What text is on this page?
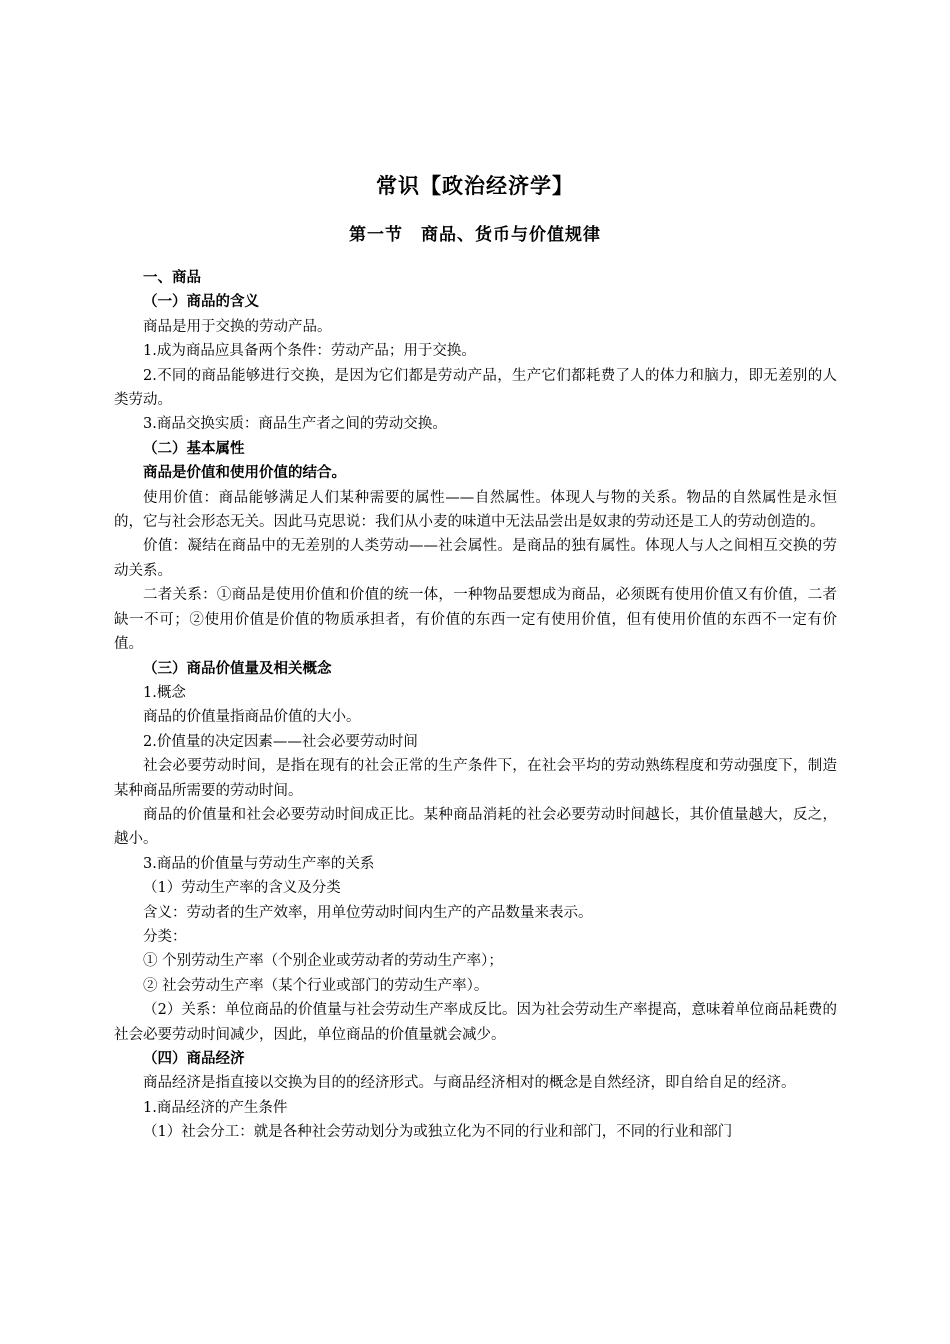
常识【政治经济学】
第一节　商品、货币与价值规律

一、商品

（一）商品的含义

商品是用于交换的劳动产品。

1.成为商品应具备两个条件：劳动产品；用于交换。

2.不同的商品能够进行交换，是因为它们都是劳动产品，生产它们都耗费了人的体力和脑力，即无差别的人类劳动。

3.商品交换实质：商品生产者之间的劳动交换。

（二）基本属性

商品是价值和使用价值的结合。

使用价值：商品能够满足人们某种需要的属性——自然属性。体现人与物的关系。物品的自然属性是永恒的，它与社会形态无关。因此马克思说：我们从小麦的味道中无法品尝出是奴隶的劳动还是工人的劳动创造的。

价值：凝结在商品中的无差别的人类劳动——社会属性。是商品的独有属性。体现人与人之间相互交换的劳动关系。

二者关系：①商品是使用价值和价值的统一体，一种物品要想成为商品，必须既有使用价值又有价值，二者缺一不可；②使用价值是价值的物质承担者，有价值的东西一定有使用价值，但有使用价值的东西不一定有价值。

（三）商品价值量及相关概念

1.概念

商品的价值量指商品价值的大小。

2.价值量的决定因素——社会必要劳动时间

社会必要劳动时间，是指在现有的社会正常的生产条件下，在社会平均的劳动熟练程度和劳动强度下，制造某种商品所需要的劳动时间。

商品的价值量和社会必要劳动时间成正比。某种商品消耗的社会必要劳动时间越长，其价值量越大，反之，越小。

3.商品的价值量与劳动生产率的关系

（1）劳动生产率的含义及分类

含义：劳动者的生产效率，用单位劳动时间内生产的产品数量来表示。

分类：

① 个别劳动生产率（个别企业或劳动者的劳动生产率）；

② 社会劳动生产率（某个行业或部门的劳动生产率）。

（2）关系：单位商品的价值量与社会劳动生产率成反比。因为社会劳动生产率提高，意味着单位商品耗费的社会必要劳动时间减少，因此，单位商品的价值量就会减少。

（四）商品经济

商品经济是指直接以交换为目的的经济形式。与商品经济相对的概念是自然经济，即自给自足的经济。

1.商品经济的产生条件

（1）社会分工：就是各种社会劳动划分为或独立化为不同的行业和部门，不同的行业和部门
